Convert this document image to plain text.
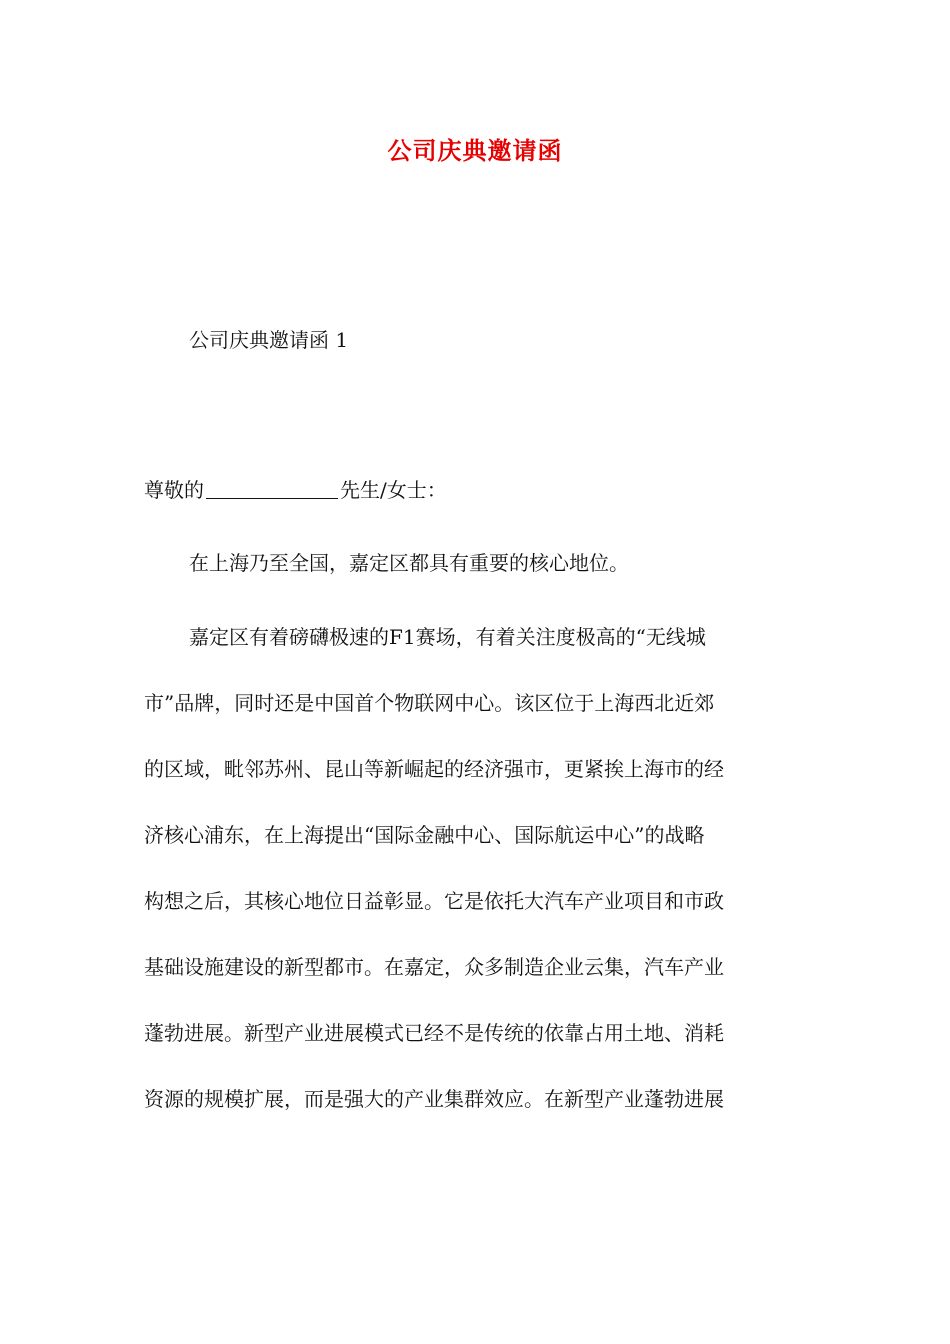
公司庆典邀请函
公司庆典邀请函 1
尊敬的	先生/女士：
在上海乃至全国，嘉定区都具有重要的核心地位。
嘉定区有着磅礴极速的F1赛场，有着关注度极高的“无线城
市”品牌，同时还是中国首个物联网中心。该区位于上海西北近郊
的区域，毗邻苏州、昆山等新崛起的经济强市，更紧挨上海市的经
济核心浦东，在上海提出“国际金融中心、国际航运中心”的战略
构想之后，其核心地位日益彰显。它是依托大汽车产业项目和市政
基础设施建设的新型都市。在嘉定，众多制造企业云集，汽车产业
蓬勃进展。新型产业进展模式已经不是传统的依靠占用土地、消耗
资源的规模扩展，而是强大的产业集群效应。在新型产业蓬勃进展
